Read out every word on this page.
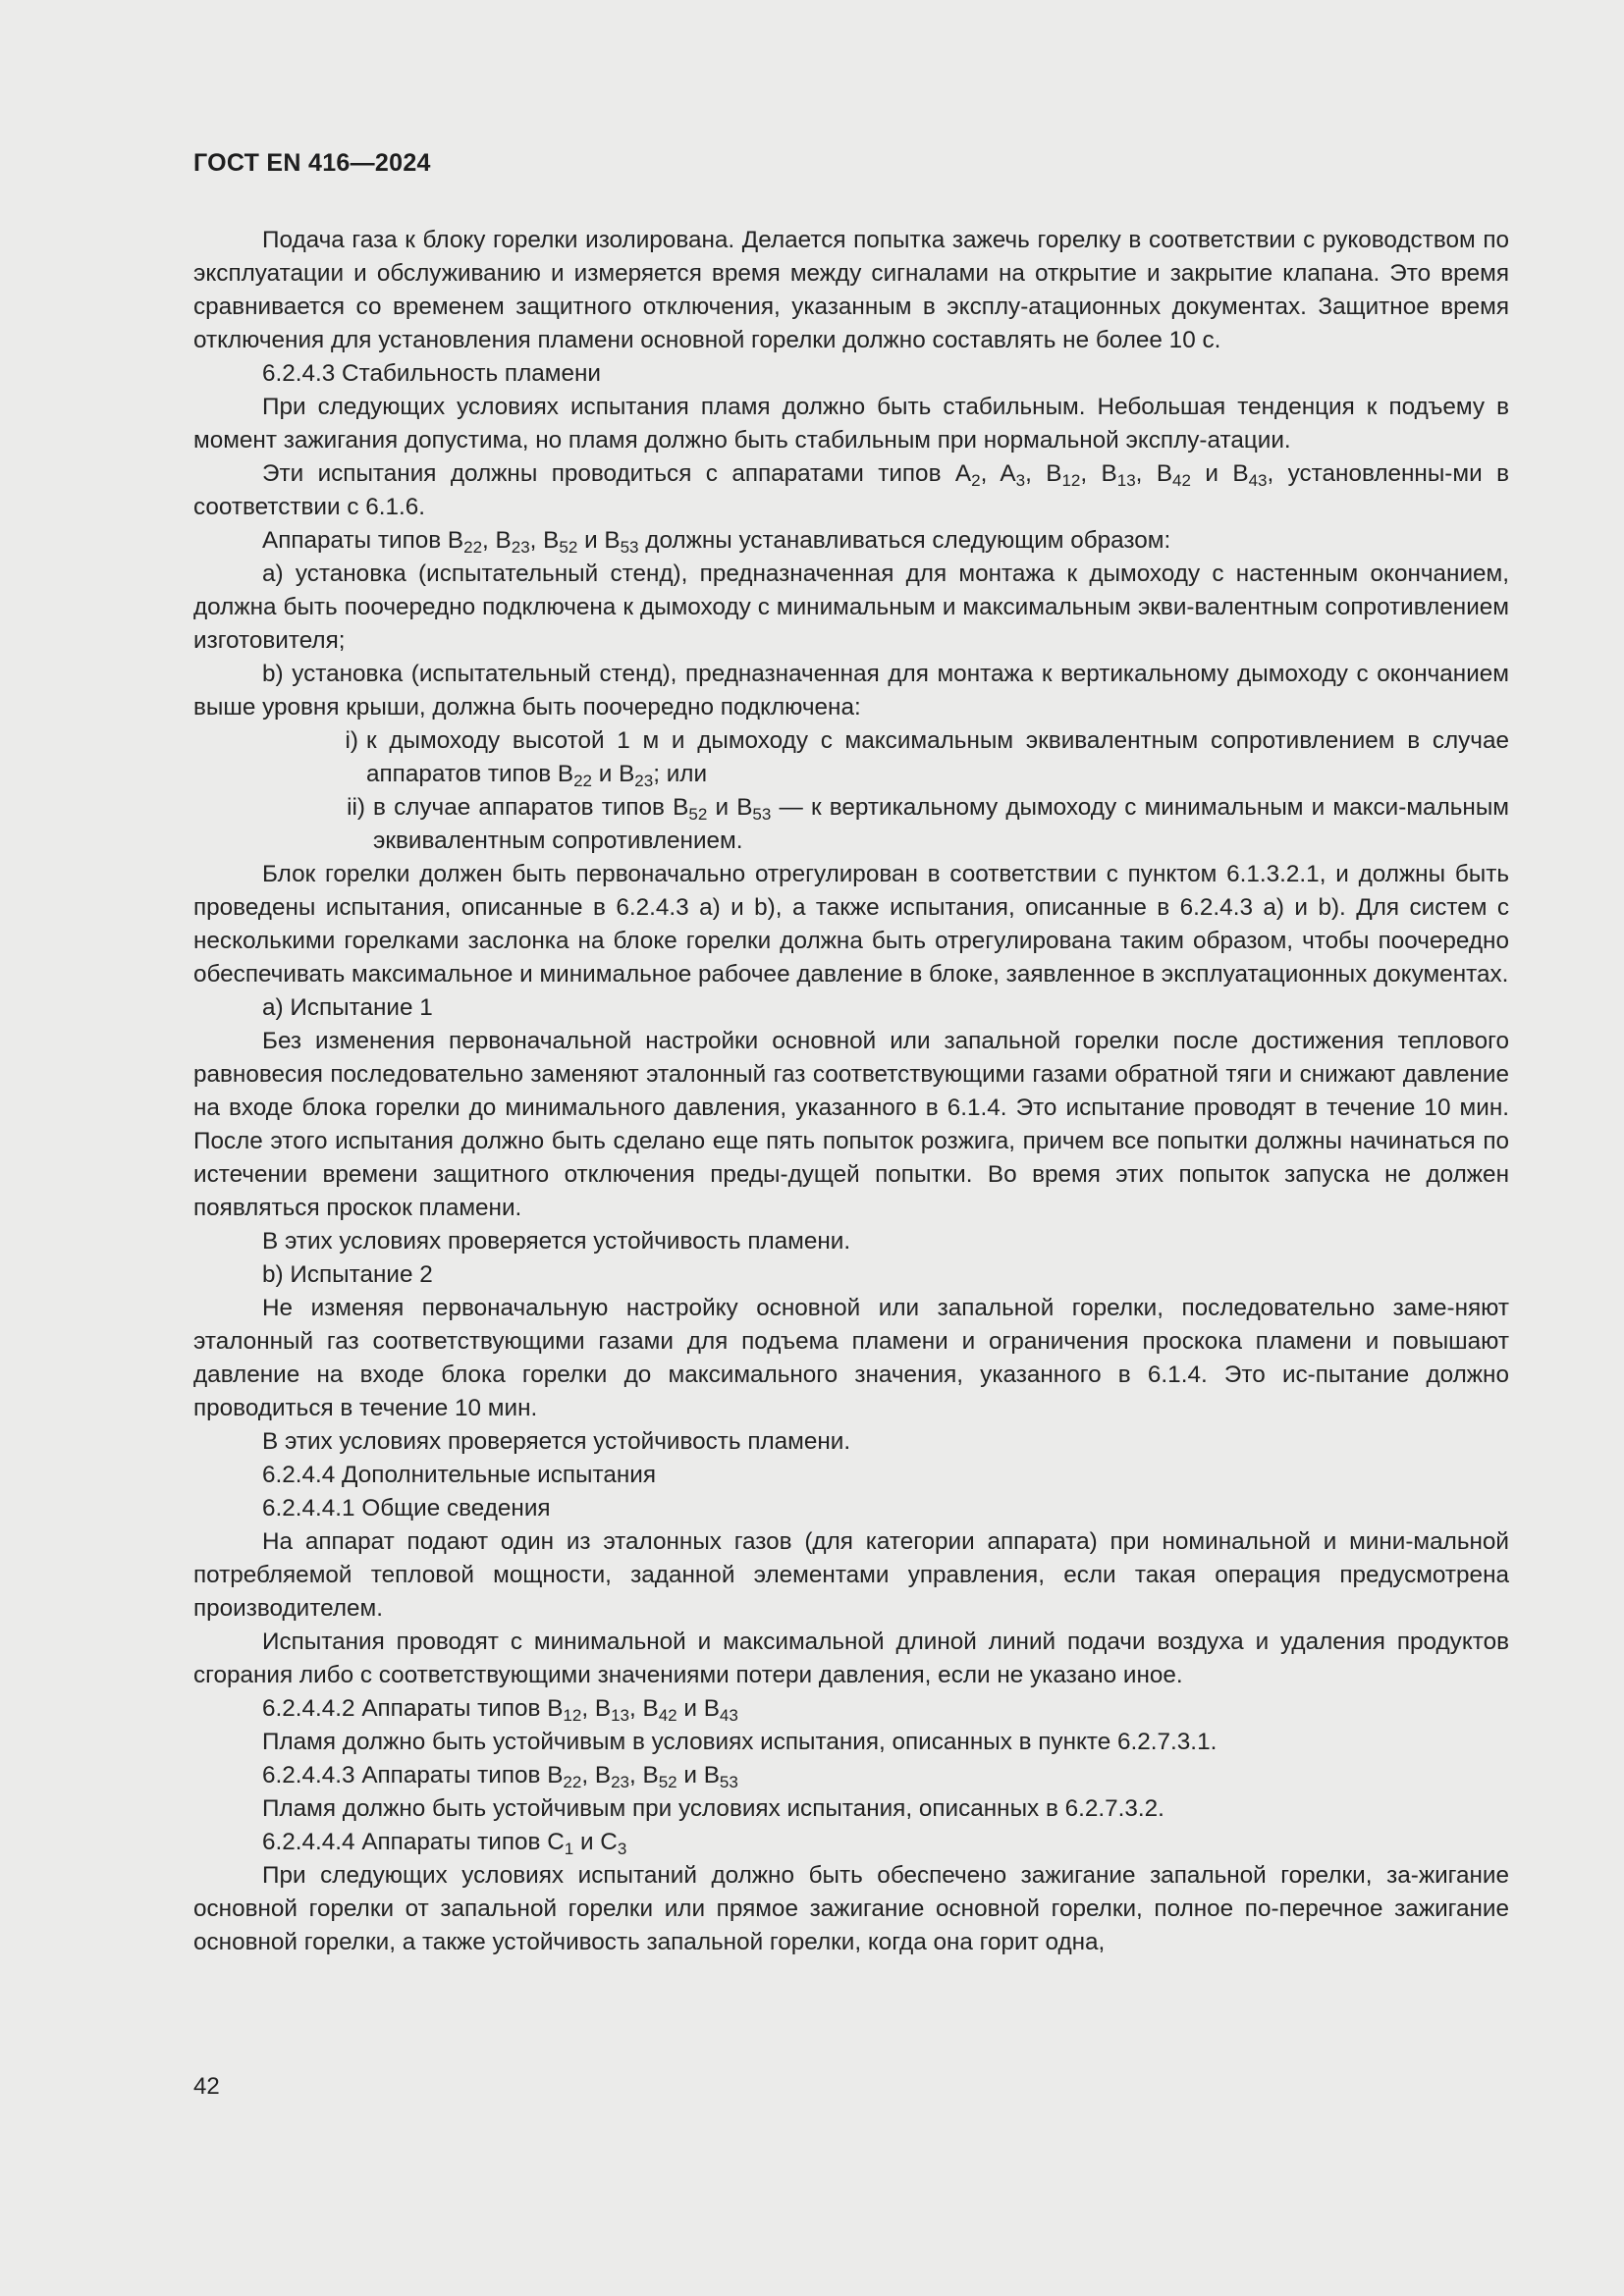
ГОСТ EN 416—2024

Подача газа к блоку горелки изолирована. Делается попытка зажечь горелку в соответствии с руководством по эксплуатации и обслуживанию и измеряется время между сигналами на открытие и закрытие клапана. Это время сравнивается со временем защитного отключения, указанным в эксплу-атационных документах. Защитное время отключения для установления пламени основной горелки должно составлять не более 10 с.

6.2.4.3 Стабильность пламени

При следующих условиях испытания пламя должно быть стабильным. Небольшая тенденция к подъему в момент зажигания допустима, но пламя должно быть стабильным при нормальной эксплу-атации.

Эти испытания должны проводиться с аппаратами типов $A_2$, $A_3$, $B_{12}$, $B_{13}$, $B_{42}$ и $B_{43}$, установленны-ми в соответствии с 6.1.6.

Аппараты типов $B_{22}$, $B_{23}$, $B_{52}$ и $B_{53}$ должны устанавливаться следующим образом:

a) установка (испытательный стенд), предназначенная для монтажа к дымоходу с настенным окончанием, должна быть поочередно подключена к дымоходу с минимальным и максимальным экви-валентным сопротивлением изготовителя;

b) установка (испытательный стенд), предназначенная для монтажа к вертикальному дымоходу с окончанием выше уровня крыши, должна быть поочередно подключена:

i) к дымоходу высотой 1 м и дымоходу с максимальным эквивалентным сопротивлением в случае аппаратов типов $B_{22}$ и $B_{23}$; или
ii) в случае аппаратов типов $B_{52}$ и $B_{53}$ — к вертикальному дымоходу с минимальным и макси-мальным эквивалентным сопротивлением.

Блок горелки должен быть первоначально отрегулирован в соответствии с пунктом 6.1.3.2.1, и должны быть проведены испытания, описанные в 6.2.4.3 a) и b), а также испытания, описанные в 6.2.4.3 a) и b). Для систем с несколькими горелками заслонка на блоке горелки должна быть отрегулирована таким образом, чтобы поочередно обеспечивать максимальное и минимальное рабочее давление в блоке, заявленное в эксплуатационных документах.

a) Испытание 1

Без изменения первоначальной настройки основной или запальной горелки после достижения теплового равновесия последовательно заменяют эталонный газ соответствующими газами обратной тяги и снижают давление на входе блока горелки до минимального давления, указанного в 6.1.4. Это испытание проводят в течение 10 мин. После этого испытания должно быть сделано еще пять попыток розжига, причем все попытки должны начинаться по истечении времени защитного отключения преды-дущей попытки. Во время этих попыток запуска не должен появляться проскок пламени.

В этих условиях проверяется устойчивость пламени.

b) Испытание 2

Не изменяя первоначальную настройку основной или запальной горелки, последовательно заме-няют эталонный газ соответствующими газами для подъема пламени и ограничения проскока пламени и повышают давление на входе блока горелки до максимального значения, указанного в 6.1.4. Это ис-пытание должно проводиться в течение 10 мин.

В этих условиях проверяется устойчивость пламени.

6.2.4.4 Дополнительные испытания

6.2.4.4.1 Общие сведения

На аппарат подают один из эталонных газов (для категории аппарата) при номинальной и мини-мальной потребляемой тепловой мощности, заданной элементами управления, если такая операция предусмотрена производителем.

Испытания проводят с минимальной и максимальной длиной линий подачи воздуха и удаления продуктов сгорания либо с соответствующими значениями потери давления, если не указано иное.

6.2.4.4.2 Аппараты типов $B_{12}$, $B_{13}$, $B_{42}$ и $B_{43}$

Пламя должно быть устойчивым в условиях испытания, описанных в пункте 6.2.7.3.1.

6.2.4.4.3 Аппараты типов $B_{22}$, $B_{23}$, $B_{52}$ и $B_{53}$

Пламя должно быть устойчивым при условиях испытания, описанных в 6.2.7.3.2.

6.2.4.4.4 Аппараты типов $C_1$ и $C_3$

При следующих условиях испытаний должно быть обеспечено зажигание запальной горелки, за-жигание основной горелки от запальной горелки или прямое зажигание основной горелки, полное по-перечное зажигание основной горелки, а также устойчивость запальной горелки, когда она горит одна,

42
